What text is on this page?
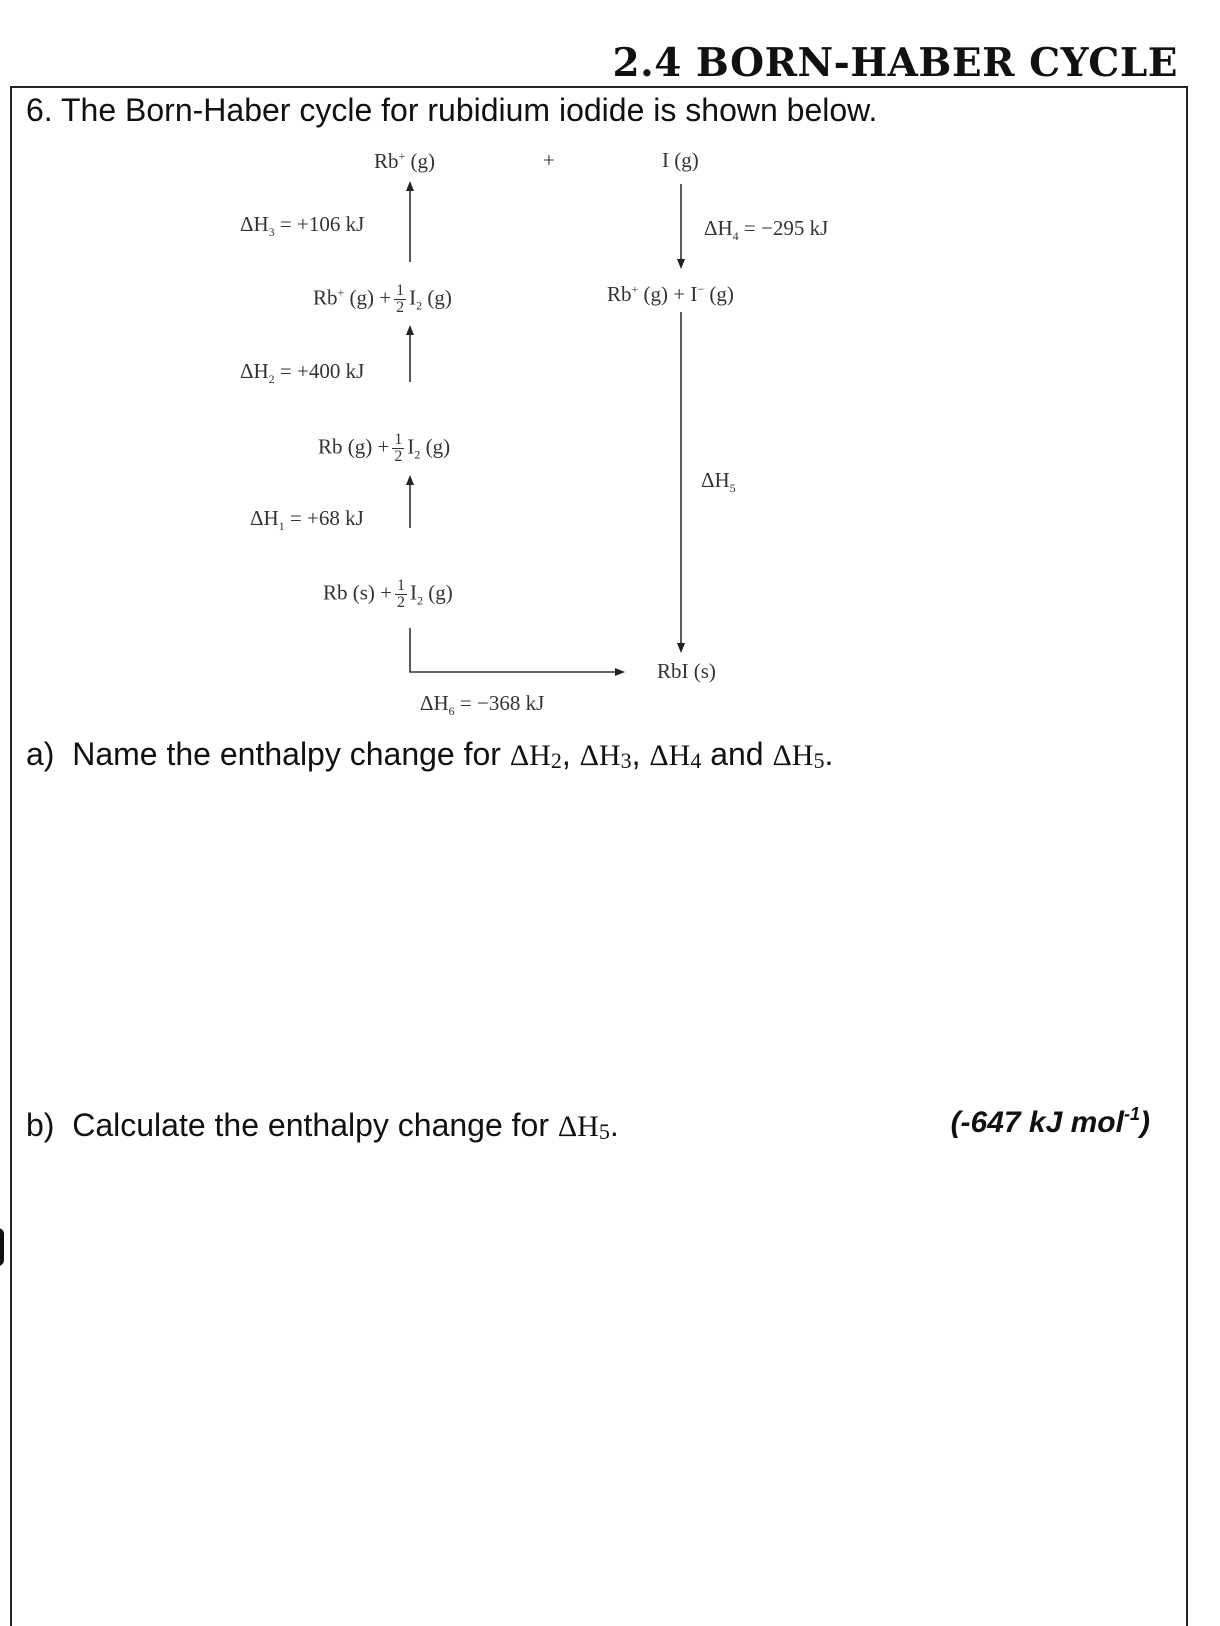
2.4 BORN-HABER CYCLE
6. The Born-Haber cycle for rubidium iodide is shown below.
Rb+ (g)	+	I (g)
Rb+ $(g) + \frac{1}{2} I_2$ (g)	Rb+ (g) + I− (g)
Rb $(g) + \frac{1}{2} I_2$ (g)
Rb $(s) + \frac{1}{2} I_2$ (g)
RbI (s)
$\Delta H_3 = +106$ kJ
$\Delta H_2 = +400$ kJ
$\Delta H_1 = +68$ kJ
$\Delta H_4 = -295$ kJ
$\Delta H_5$
$\Delta H_6 = -368$ kJ
a) Name the enthalpy change for $\Delta H_2$, $\Delta H_3$, $\Delta H_4$ and $\Delta H_5$.
b) Calculate the enthalpy change for $\Delta H_5$.	(-647 kJ mol$^{-1}$)
